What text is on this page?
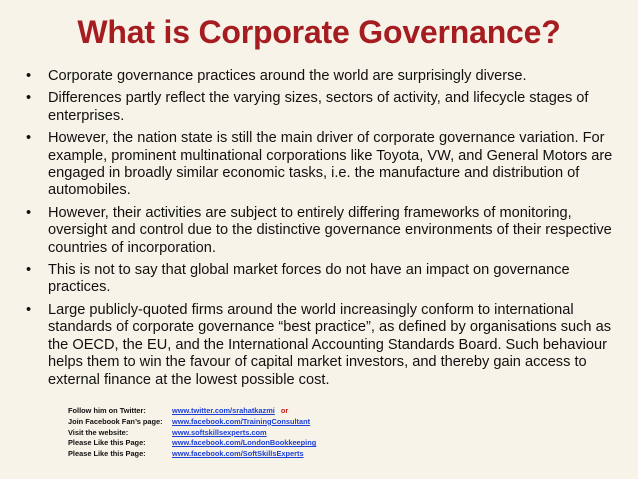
What is Corporate Governance?
• Corporate governance practices around the world are surprisingly diverse.
• Differences partly reflect the varying sizes, sectors of activity, and lifecycle stages of enterprises.
• However, the nation state is still the main driver of corporate governance variation. For example, prominent multinational corporations like Toyota, VW, and General Motors are engaged in broadly similar economic tasks, i.e. the manufacture and distribution of automobiles.
• However, their activities are subject to entirely differing frameworks of monitoring, oversight and control due to the distinctive governance environments of their respective countries of incorporation.
• This is not to say that global market forces do not have an impact on governance practices.
• Large publicly-quoted firms around the world increasingly conform to international standards of corporate governance “best practice”, as defined by organisations such as the OECD, the EU, and the International Accounting Standards Board. Such behaviour helps them to win the favour of capital market investors, and thereby gain access to external finance at the lowest possible cost.
Follow him on Twitter:	www.twitter.com/srahatkazmi or
Join Facebook Fan’s page: www.facebook.com/TrainingConsultant
Visit the website:	www.softskillsexperts.com
Please Like this Page:	www.facebook.com/LondonBookkeeping
Please Like this Page:	www.facebook.com/SoftSkillsExperts
